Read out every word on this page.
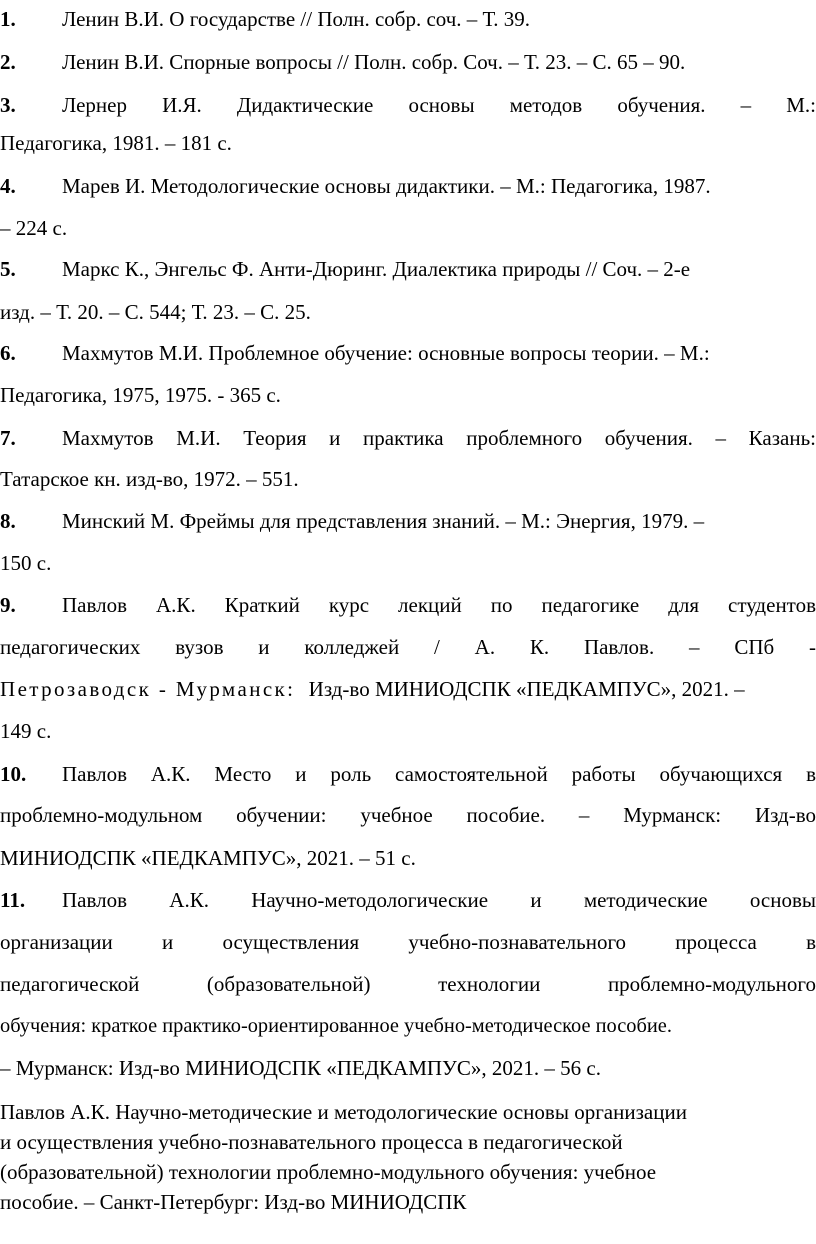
1. Ленин В.И. О государстве // Полн. собр. соч. – Т. 39.
2. Ленин В.И. Спорные вопросы // Полн. собр. Соч. – Т. 23. – С. 65 – 90.
3. Лернер И.Я. Дидактические основы методов обучения. – М.:
Педагогика, 1981. – 181 с.
4. Марев И. Методологические основы дидактики. – М.: Педагогика, 1987.
– 224 с.
5. Маркс К., Энгельс Ф. Анти-Дюринг. Диалектика природы // Соч. – 2-е
изд. – Т. 20. – С. 544; Т. 23. – С. 25.
6. Махмутов М.И. Проблемное обучение: основные вопросы теории. – М.:
Педагогика, 1975, 1975. - 365 с.
7. Махмутов М.И. Теория и практика проблемного обучения. – Казань:
Татарское кн. изд-во, 1972. – 551.
8. Минский М. Фреймы для представления знаний. – М.: Энергия, 1979. –
150 с.
9. Павлов А.К. Краткий курс лекций по педагогике для студентов
педагогических вузов и колледжей / А. К. Павлов. – СПб -
Петрозаводск - Мурманск: Изд-во МИНИОДСПК «ПЕДКАМПУС», 2021. –
149 с.
10. Павлов А.К. Место и роль самостоятельной работы обучающихся в
проблемно-модульном обучении: учебное пособие. – Мурманск: Изд-во
МИНИОДСПК «ПЕДКАМПУС», 2021. – 51 с.
11. Павлов А.К. Научно-методологические и методические основы
организации и осуществления учебно-познавательного процесса в
педагогической (образовательной) технологии проблемно-модульного
обучения: краткое практико-ориентированное учебно-методическое пособие.
– Мурманск: Изд-во МИНИОДСПК «ПЕДКАМПУС», 2021. – 56 с.

Павлов А.К. Научно-методические и методологические основы организации

и осуществления учебно-познавательного процесса в педагогической

(образовательной) технологии проблемно-модульного обучения: учебное

пособие. – Санкт-Петербург: Изд-во МИНИОДСПК
